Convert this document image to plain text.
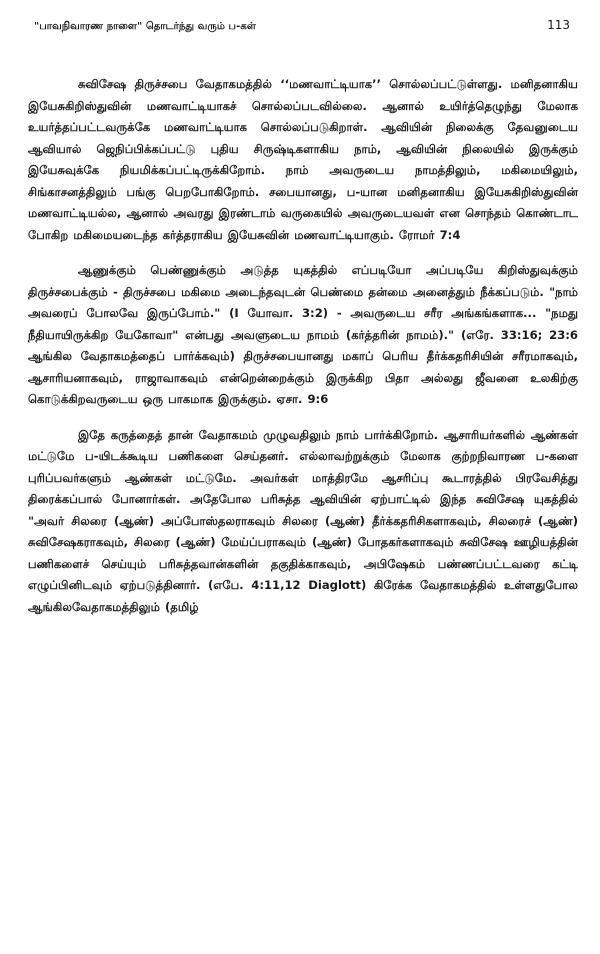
"பாவநிவாரண நாளை" தொடர்ந்து வரும் ப-கள்	113

சுவிசேஷ திருச்சபை வேதாகமத்தில் ‘‘மணவாட்டியாக’’ சொல்லப்பட்டுள்ளது. மனிதனாகிய இயேசுகிறிஸ்துவின் மணவாட்டியாகச் சொல்லப்படவில்லை. ஆனால் உயிர்த்தெழுந்து மேலாக உயர்த்தப்பட்டவருக்கே மணவாட்டியாக சொல்லப்படுகிறாள். ஆவியின் நிலைக்கு தேவனுடைய ஆவியால் ஜெநிப்பிக்கப்பட்டு புதிய சிருஷ்டிகளாகிய நாம், ஆவியின் நிலையில் இருக்கும் இயேசுவுக்கே நியமிக்கப்பட்டிருக்கிறோம். நாம் அவருடைய நாமத்திலும், மகிமையிலும், சிங்காசனத்திலும் பங்கு பெறபோகிறோம். சபையானது, ப-யான மனிதனாகிய இயேசுகிறிஸ்துவின் மணவாட்டியல்ல, ஆனால் அவரது இரண்டாம் வருகையில் அவருடையவள் என சொந்தம் கொண்டாட போகிற மகிமையடைந்த கர்த்தராகிய இயேசுவின் மணவாட்டியாகும். ரோமர் 7:4

ஆணுக்கும் பெண்ணுக்கும் அடுத்த யுகத்தில் எப்படியோ அப்படியே கிறிஸ்துவுக்கும் திருச்சபைக்கும் - திருச்சபை மகிமை அடைந்தவுடன் பெண்மை தன்மை அனைத்தும் நீக்கப்படும். "நாம் அவரைப் போலவே இருப்போம்." (I யோவா. 3:2) - அவருடைய சரீர அங்கங்களாக... "நமது நீதியாயிருக்கிற யேகோவா" என்பது அவளுடைய நாமம் (கர்த்தரின் நாமம்)." (எரே. 33:16; 23:6 ஆங்கில வேதாகமத்தைப் பார்க்கவும்) திருச்சபையானது மகாப் பெரிய தீர்க்கதரிசியின் சரீரமாகவும், ஆசாரியனாகவும், ராஜாவாகவும் என்றென்றைக்கும் இருக்கிற பிதா அல்லது ஜீவனை உலகிற்கு கொடுக்கிறவருடைய ஒரு பாகமாக இருக்கும். ஏசா. 9:6

இதே கருத்தைத் தான் வேதாகமம் முழுவதிலும் நாம் பார்க்கிறோம். ஆசாரியர்களில் ஆண்கள் மட்டுமே ப-யிடக்கூடிய பணிகளை செய்தனர். எல்லாவற்றுக்கும் மேலாக குற்றநிவாரண ப-களை புரிப்பவர்களும் ஆண்கள் மட்டுமே. அவர்கள் மாத்திரமே ஆசரிப்பு கூடாரத்தில் பிரவேசித்து திரைக்கப்பால் போனார்கள். அதேபோல பரிசுத்த ஆவியின் ஏற்பாட்டில் இந்த சுவிசேஷ யுகத்தில் "அவர் சிலரை (ஆண்) அப்போஸ்தலராகவும் சிலரை (ஆண்) தீர்க்கதரிசிகளாகவும், சிலரைச் (ஆண்) சுவிசேஷகராகவும், சிலரை (ஆண்) மேய்ப்பராகவும் (ஆண்) போதகர்களாகவும் சுவிசேஷ ஊழியத்தின் பணிகளைச் செய்யும் பரிசுத்தவான்களின் தகுதிக்காகவும், அபிஷேகம் பண்ணப்பட்டவரை கட்டி எழுப்பினிடவும் ஏற்படுத்தினார். (எபே. 4:11,12 Diaglott) கிரேக்க வேதாகமத்தில் உள்ளதுபோல ஆங்கிலவேதாகமத்திலும் (தமிழ்
